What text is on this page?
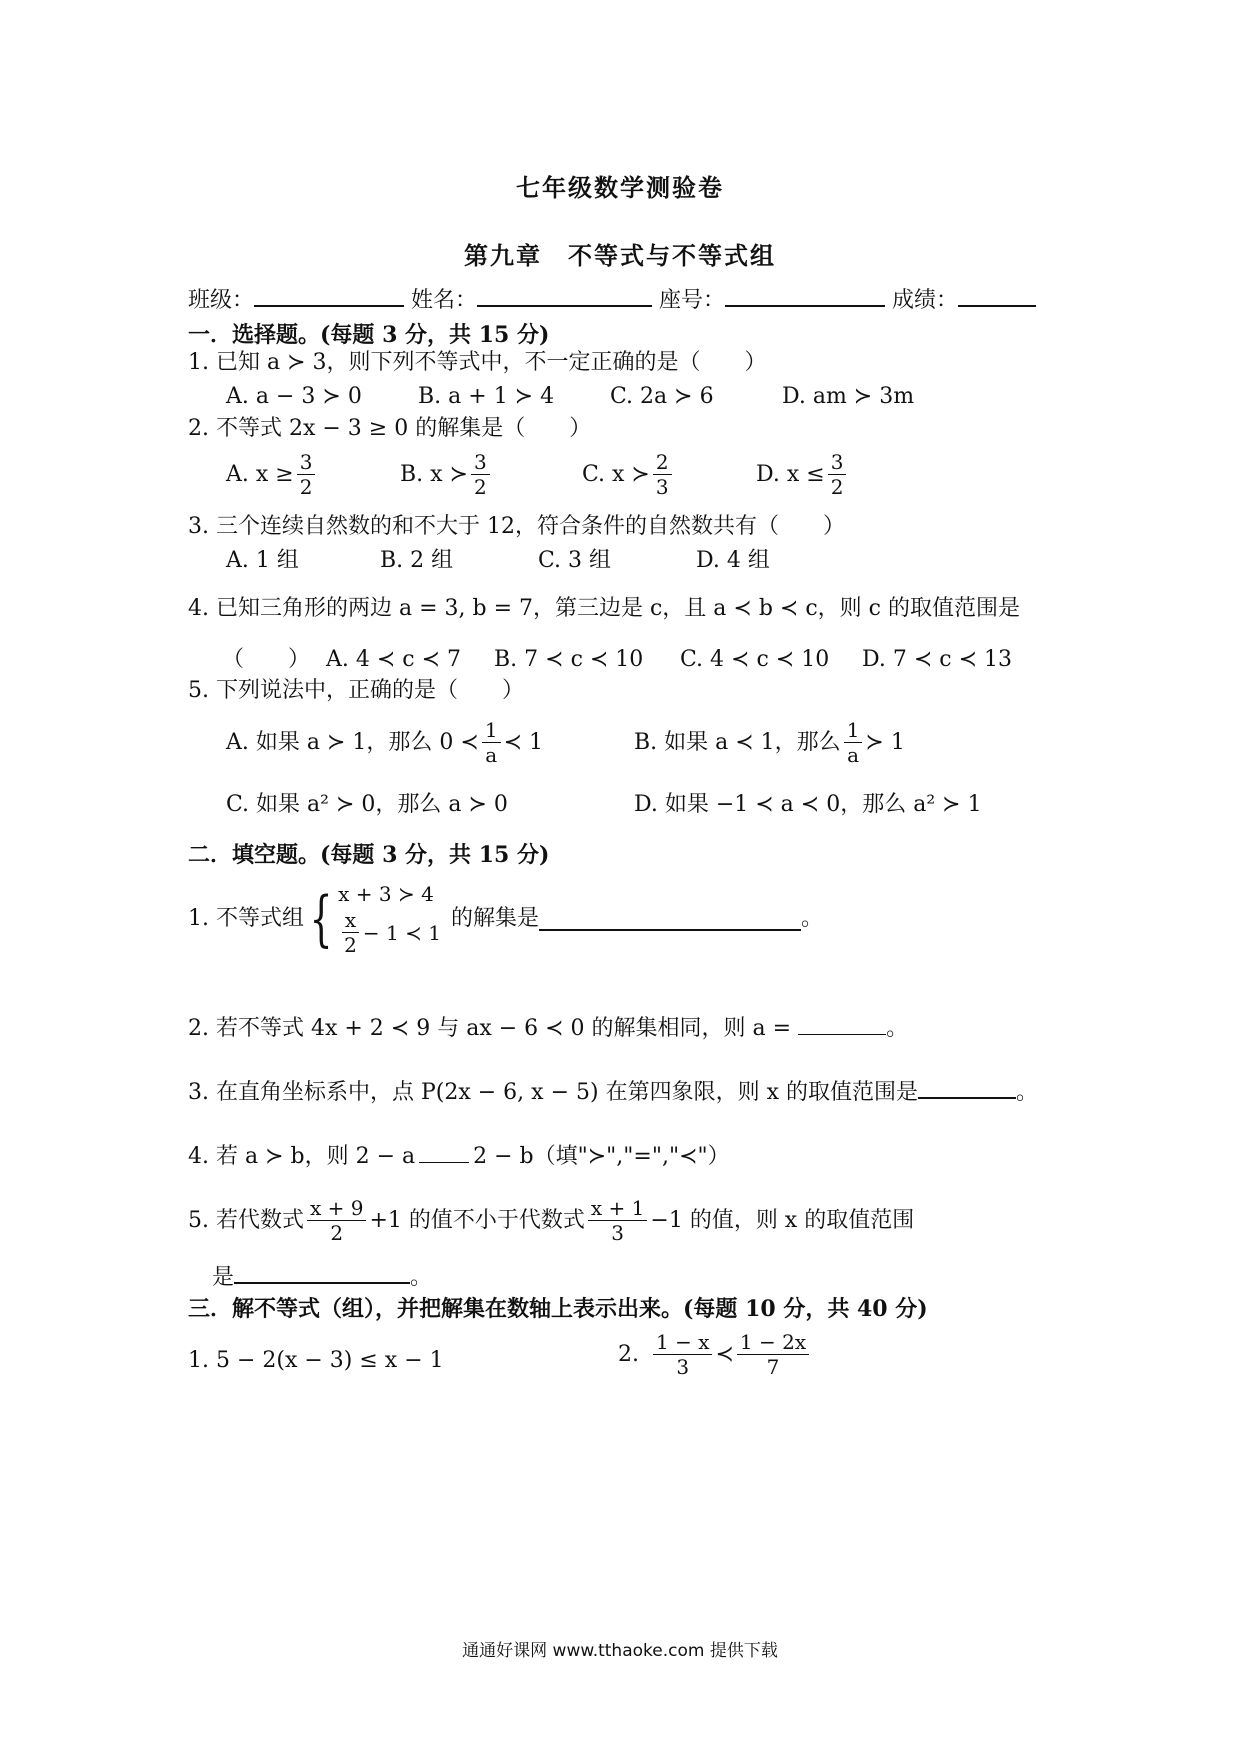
七年级数学测验卷
第九章　不等式与不等式组
班级：	姓名：	座号：	成绩：
一．选择题。(每题 3 分，共 15 分)
1. 已知 a ≻ 3，则下列不等式中，不一定正确的是（　　）
A. a − 3 ≻ 0	B. a + 1 ≻ 4	C. 2a ≻ 6	D. am ≻ 3m
2. 不等式 2x − 3 ≥ 0 的解集是（　　）
A. $x \ge \frac{3}{2}$	B. x ≻ $\frac{3}{2}$	C. x ≻ $\frac{2}{3}$	D. $x \le \frac{3}{2}$
3. 三个连续自然数的和不大于 12，符合条件的自然数共有（　　）
A. 1 组	B. 2 组	C. 3 组	D. 4 组
4. 已知三角形的两边 a = 3, b = 7，第三边是 c，且 a ≺ b ≺ c，则 c 的取值范围是
（　　） A. 4 ≺ c ≺ 7 B. 7 ≺ c ≺ 10 C. 4 ≺ c ≺ 10 D. 7 ≺ c ≺ 13
5. 下列说法中，正确的是（　　）
A. 如果 a ≻ 1，那么 0 ≺ $\frac{1}{a}$ ≺ 1	B. 如果 a ≺ 1，那么 $\frac{1}{a}$ ≻ 1
C. 如果 a² ≻ 0，那么 a ≻ 0	D. 如果 −1 ≺ a ≺ 0，那么 a² ≻ 1
二．填空题。(每题 3 分，共 15 分)
1. 不等式组 { x + 3 ≻ 4
$\frac{x}{2} - 1$ ≺ 1
的解集是	。
2. 若不等式 4x + 2 ≺ 9 与 ax − 6 ≺ 0 的解集相同，则 a =	。
3. 在直角坐标系中，点 P(2x − 6, x − 5) 在第四象限，则 x 的取值范围是	。
4. 若 a ≻ b，则 2 − a	2 − b（填"≻","=","≺"）
5. 若代数式 $\frac{x + 9}{2} +1$ 的值不小于代数式 $\frac{x + 1}{3} -1$ 的值，则 x 的取值范围
是	。
三．解不等式（组），并把解集在数轴上表示出来。(每题 10 分，共 40 分)
1. 5 − 2(x − 3) ≤ x − 1	2. $\frac{1 - x}{3}$ ≺ $\frac{1 - 2x}{7}$
通通好课网 www.tthaoke.com 提供下载
